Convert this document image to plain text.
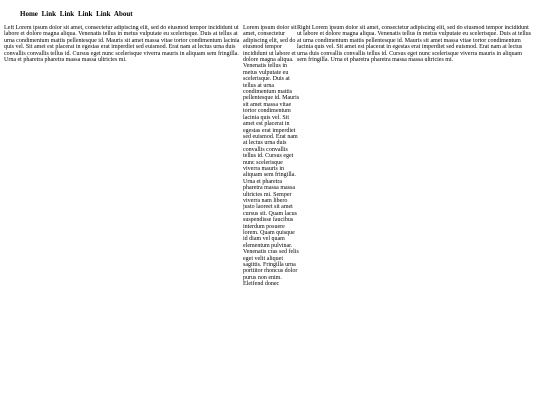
Home Link Link Link Link About
Left Lorem ipsum dolor sit amet, consectetur adipiscing elit, sed do eiusmod tempor incididunt ut labore et dolore magna aliqua. Venenatis tellus in metus vulputate eu scelerisque. Duis at tellus at urna condimentum mattis pellentesque id. Mauris sit amet massa vitae tortor condimentum lacinia quis vel. Sit amet est placerat in egestas erat imperdiet sed euismod. Erat nam at lectus urna duis convallis convallis tellus id. Cursus eget nunc scelerisque viverra mauris in aliquam sem fringilla. Urna et pharetra pharetra massa massa ultricies mi.
Lorem ipsum dolor sit amet, consectetur adipiscing elit, sed do eiusmod tempor incididunt ut labore et dolore magna aliqua. Venenatis tellus in metus vulputate eu scelerisque. Duis at tellus at urna condimentum mattis pellentesque id. Mauris sit amet massa vitae tortor condimentum lacinia quis vel. Sit amet est placerat in egestas erat imperdiet sed euismod. Erat nam at lectus urna duis convallis convallis tellus id. Cursus eget nunc scelerisque viverra mauris in aliquam sem fringilla. Urna et pharetra pharetra massa massa ultricies mi. Semper viverra nam libero justo laoreet sit amet cursus sit. Quam lacus suspendisse faucibus interdum posuere lorem. Quam quisque id diam vel quam elementum pulvinar. Venenatis cras sed felis eget velit aliquet sagittis. Fringilla urna porttitor rhoncus dolor purus non enim. Eleifend donec
Right Lorem ipsum dolor sit amet, consectetur adipiscing elit, sed do eiusmod tempor incididunt ut labore et dolore magna aliqua. Venenatis tellus in metus vulputate eu scelerisque. Duis at tellus at urna condimentum mattis pellentesque id. Mauris sit amet massa vitae tortor condimentum lacinia quis vel. Sit amet est placerat in egestas erat imperdiet sed euismod. Erat nam at lectus urna duis convallis convallis tellus id. Cursus eget nunc scelerisque viverra mauris in aliquam sem fringilla. Urna et pharetra pharetra massa massa ultricies mi.
